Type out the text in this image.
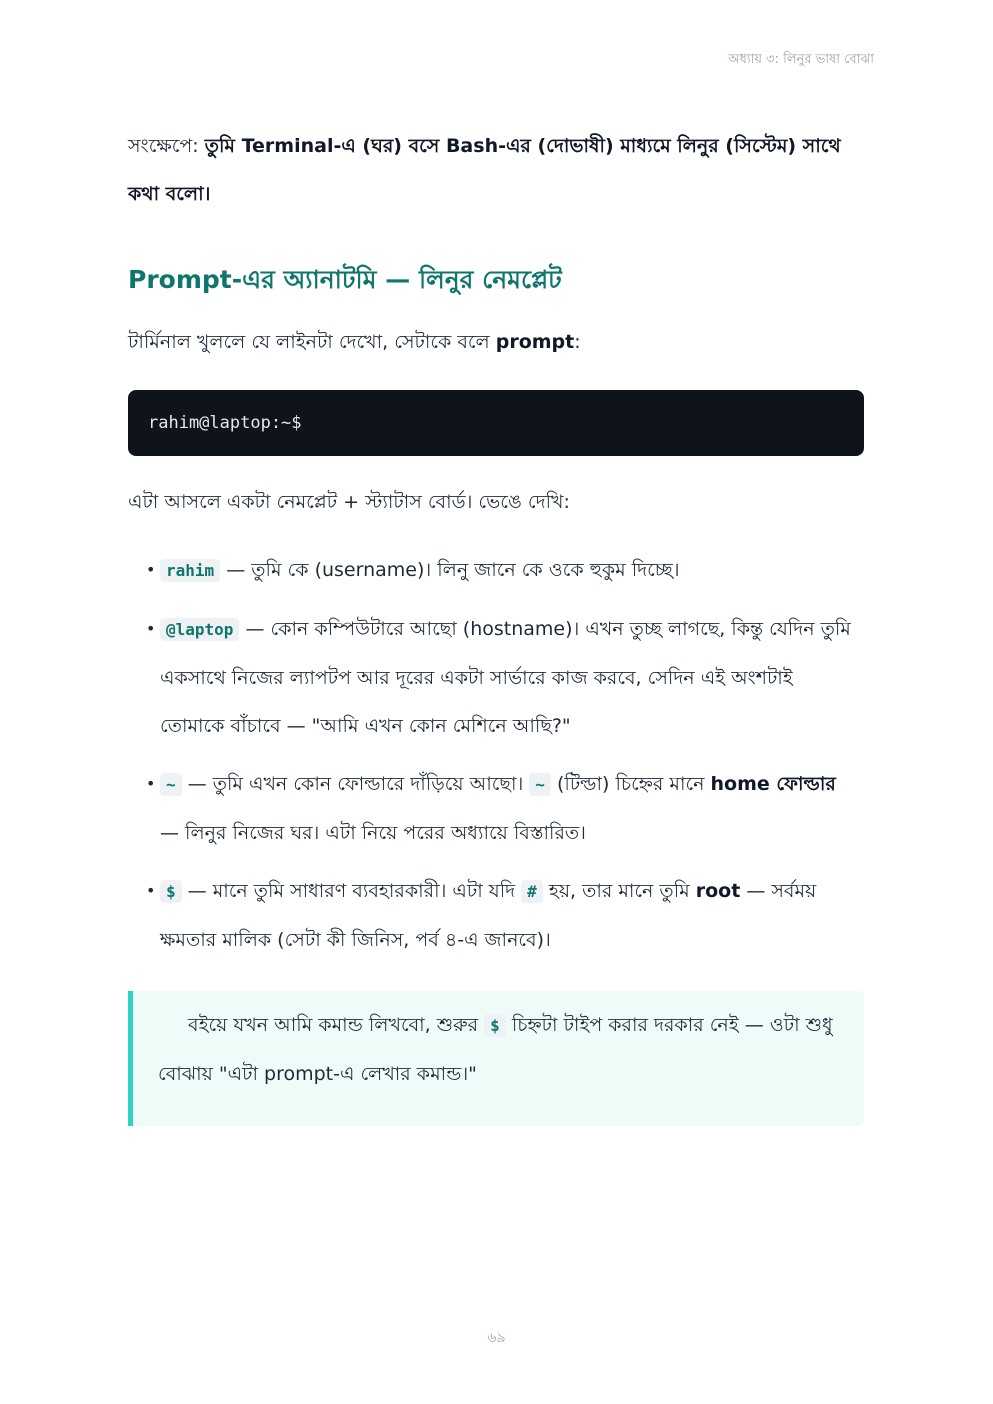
অধ্যায় ৩: লিনুর ভাষা বোঝা

সংক্ষেপে: তুমি Terminal-এ (ঘর) বসে Bash-এর (দোভাষী) মাধ্যমে লিনুর (সিস্টেম) সাথে কথা বলো।

Prompt-এর অ্যানাটমি — লিনুর নেমপ্লেট

টার্মিনাল খুললে যে লাইনটা দেখো, সেটাকে বলে prompt:

rahim@laptop:~$

এটা আসলে একটা নেমপ্লেট + স্ট্যাটাস বোর্ড। ভেঙে দেখি:

• rahim — তুমি কে (username)। লিনু জানে কে ওকে হুকুম দিচ্ছে।
• @laptop — কোন কম্পিউটারে আছো (hostname)। এখন তুচ্ছ লাগছে, কিন্তু যেদিন তুমি একসাথে নিজের ল্যাপটপ আর দূরের একটা সার্ভারে কাজ করবে, সেদিন এই অংশটাই তোমাকে বাঁচাবে — "আমি এখন কোন মেশিনে আছি?"
• ~ — তুমি এখন কোন ফোল্ডারে দাঁড়িয়ে আছো। ~ (টিল্ডা) চিহ্নের মানে home ফোল্ডার — লিনুর নিজের ঘর। এটা নিয়ে পরের অধ্যায়ে বিস্তারিত।
• $ — মানে তুমি সাধারণ ব্যবহারকারী। এটা যদি # হয়, তার মানে তুমি root — সর্বময় ক্ষমতার মালিক (সেটা কী জিনিস, পর্ব ৪-এ জানবে)।

বইয়ে যখন আমি কমান্ড লিখবো, শুরুর $ চিহ্নটা টাইপ করার দরকার নেই — ওটা শুধু বোঝায় "এটা prompt-এ লেখার কমান্ড।"

৬৯
